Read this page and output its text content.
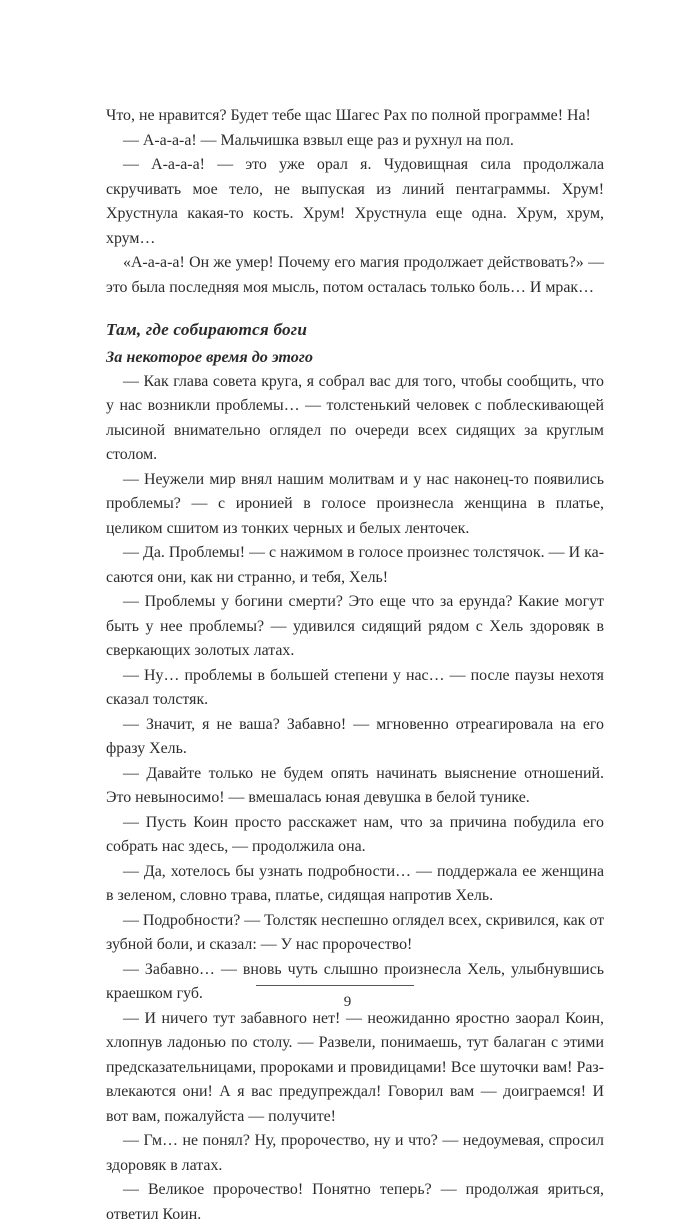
Что, не нравится? Будет тебе щас Шагес Рах по полной программе! На!

— А-а-а-а! — Мальчишка взвыл еще раз и рухнул на пол.

— А-а-а-а! — это уже орал я. Чудовищная сила продолжала скручивать мое тело, не выпуская из линий пентаграммы. Хрум! Хрустнула какая-то кость. Хрум! Хрустнула еще одна. Хрум, хрум, хрум…

«А-а-а-а! Он же умер! Почему его магия продолжает действовать?» — это была последняя моя мысль, потом осталась только боль… И мрак…

Там, где собираются боги
За некоторое время до этого

— Как глава совета круга, я собрал вас для того, чтобы сообщить, что у нас возникли проблемы… — толстенький человек с поблескивающей лысиной внимательно оглядел по очереди всех сидящих за круглым столом.

— Неужели мир внял нашим молитвам и у нас наконец-то появились проблемы? — с иронией в голосе произнесла женщина в платье, целиком сшитом из тонких черных и белых ленточек.

— Да. Проблемы! — с нажимом в голосе произнес толстячок. — И касаются они, как ни странно, и тебя, Хель!

— Проблемы у богини смерти? Это еще что за ерунда? Какие могут быть у нее проблемы? — удивился сидящий рядом с Хель здоровяк в сверкающих золотых латах.

— Ну… проблемы в большей степени у нас… — после паузы нехотя сказал толстяк.

— Значит, я не ваша? Забавно! — мгновенно отреагировала на его фразу Хель.

— Давайте только не будем опять начинать выяснение отношений. Это невыносимо! — вмешалась юная девушка в белой тунике.

— Пусть Коин просто расскажет нам, что за причина побудила его собрать нас здесь, — продолжила она.

— Да, хотелось бы узнать подробности… — поддержала ее женщина в зеленом, словно трава, платье, сидящая напротив Хель.

— Подробности? — Толстяк неспешно оглядел всех, скривился, как от зубной боли, и сказал: — У нас пророчество!

— Забавно… — вновь чуть слышно произнесла Хель, улыбнувшись краешком губ.

— И ничего тут забавного нет! — неожиданно яростно заорал Коин, хлопнув ладонью по столу. — Развели, понимаешь, тут балаган с этими предсказательницами, пророками и провидицами! Все шуточки вам! Развлекаются они! А я вас предупреждал! Говорил вам — доиграемся! И вот вам, пожалуйста — получите!

— Гм… не понял? Ну, пророчество, ну и что? — недоумевая, спросил здоровяк в латах.

— Великое пророчество! Понятно теперь? — продолжая яриться, ответил Коин.

9
